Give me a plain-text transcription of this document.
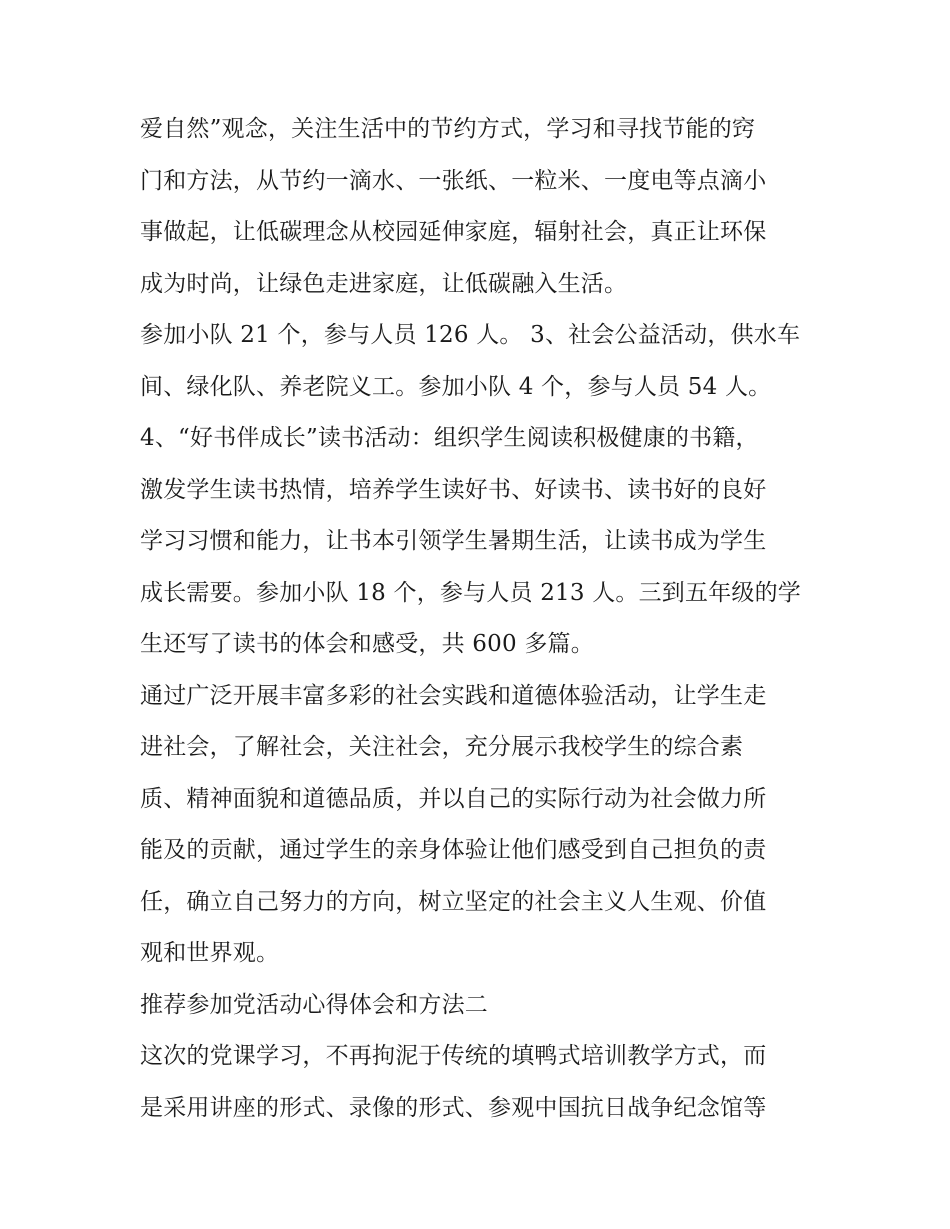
爱自然”观念，关注生活中的节约方式，学习和寻找节能的窍
门和方法，从节约一滴水、一张纸、一粒米、一度电等点滴小
事做起，让低碳理念从校园延伸家庭，辐射社会，真正让环保
成为时尚，让绿色走进家庭，让低碳融入生活。

参加小队 21 个，参与人员 126 人。 3、社会公益活动，供水车
间、绿化队、养老院义工。参加小队 4 个，参与人员 54 人。

4、“好书伴成长”读书活动：组织学生阅读积极健康的书籍，
激发学生读书热情，培养学生读好书、好读书、读书好的良好
学习习惯和能力，让书本引领学生暑期生活，让读书成为学生
成长需要。参加小队 18 个，参与人员 213 人。三到五年级的学
生还写了读书的体会和感受，共 600 多篇。

通过广泛开展丰富多彩的社会实践和道德体验活动，让学生走
进社会，了解社会，关注社会，充分展示我校学生的综合素
质、精神面貌和道德品质，并以自己的实际行动为社会做力所
能及的贡献，通过学生的亲身体验让他们感受到自己担负的责
任，确立自己努力的方向，树立坚定的社会主义人生观、价值
观和世界观。

推荐参加党活动心得体会和方法二

这次的党课学习，不再拘泥于传统的填鸭式培训教学方式，而
是采用讲座的形式、录像的形式、参观中国抗日战争纪念馆等
